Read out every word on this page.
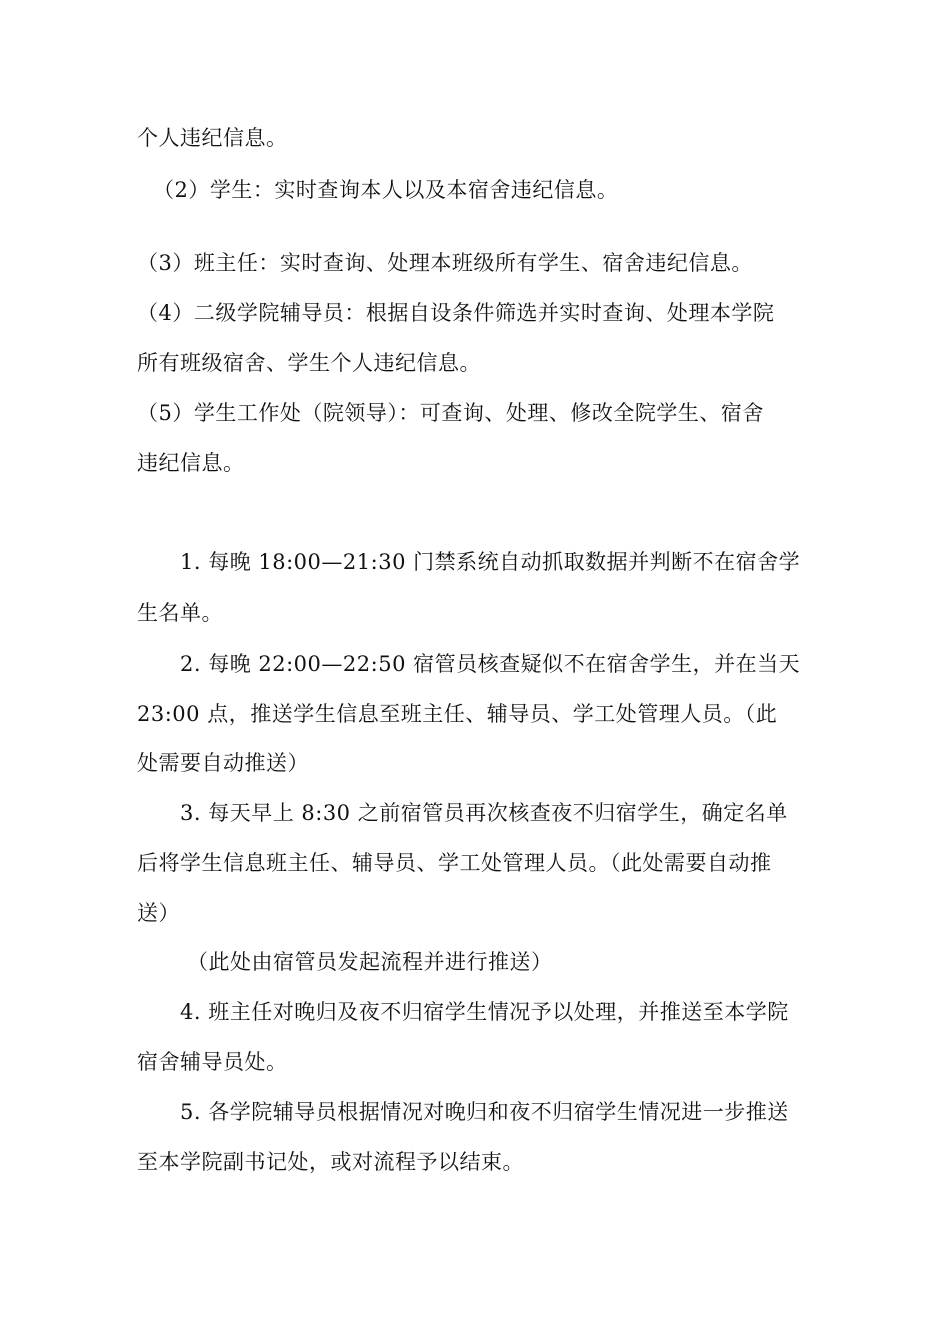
个人违纪信息。
（2）学生：实时查询本人以及本宿舍违纪信息。
（3）班主任：实时查询、处理本班级所有学生、宿舍违纪信息。
（4）二级学院辅导员：根据自设条件筛选并实时查询、处理本学院
所有班级宿舍、学生个人违纪信息。
（5）学生工作处（院领导）：可查询、处理、修改全院学生、宿舍
违纪信息。
1. 每晚 18:00—21:30 门禁系统自动抓取数据并判断不在宿舍学
生名单。
2. 每晚 22:00—22:50 宿管员核查疑似不在宿舍学生，并在当天
23:00 点，推送学生信息至班主任、辅导员、学工处管理人员。（此
处需要自动推送）
3. 每天早上 8:30 之前宿管员再次核查夜不归宿学生，确定名单
后将学生信息班主任、辅导员、学工处管理人员。（此处需要自动推
送）
（此处由宿管员发起流程并进行推送）
4. 班主任对晚归及夜不归宿学生情况予以处理，并推送至本学院
宿舍辅导员处。
5. 各学院辅导员根据情况对晚归和夜不归宿学生情况进一步推送
至本学院副书记处，或对流程予以结束。
